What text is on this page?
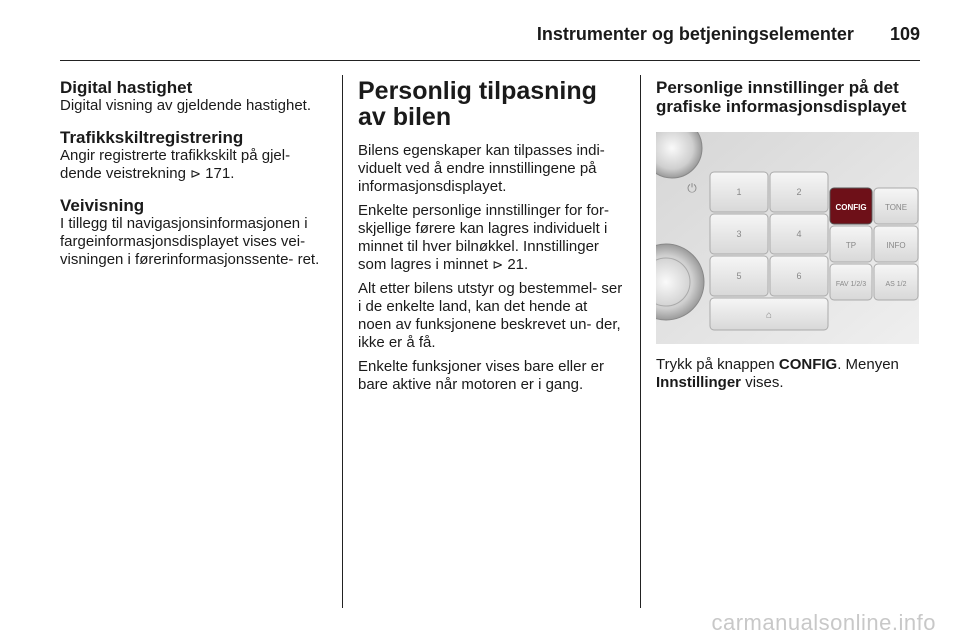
Instrumenter og betjeningselementer 109
Digital hastighet

Digital visning av gjeldende hastighet.

Trafikkskiltregistrering

Angir registrerte trafikkskilt på gjel- dende veistrekning ⊳ 171.

Veivisning

I tillegg til navigasjonsinformasjonen i fargeinformasjonsdisplayet vises vei- visningen i førerinformasjonssente- ret.

Personlig tilpasning av bilen

Bilens egenskaper kan tilpasses indi- viduelt ved å endre innstillingene på informasjonsdisplayet.

Enkelte personlige innstillinger for for- skjellige førere kan lagres individuelt i minnet til hver bilnøkkel. Innstillinger som lagres i minnet ⊳ 21.

Alt etter bilens utstyr og bestemmel- ser i de enkelte land, kan det hende at noen av funksjonene beskrevet un- der, ikke er å få.

Enkelte funksjoner vises bare eller er bare aktive når motoren er i gang.

Personlige innstillinger på det grafiske informasjonsdisplayet
⏻	1	2
3	4
5	6
⌂
CONFIG TONE
TP	INFO
FAV 1/2/3	AS 1/2

Trykk på knappen CONFIG. Menyen Innstillinger vises.

carmanualsonline.info
